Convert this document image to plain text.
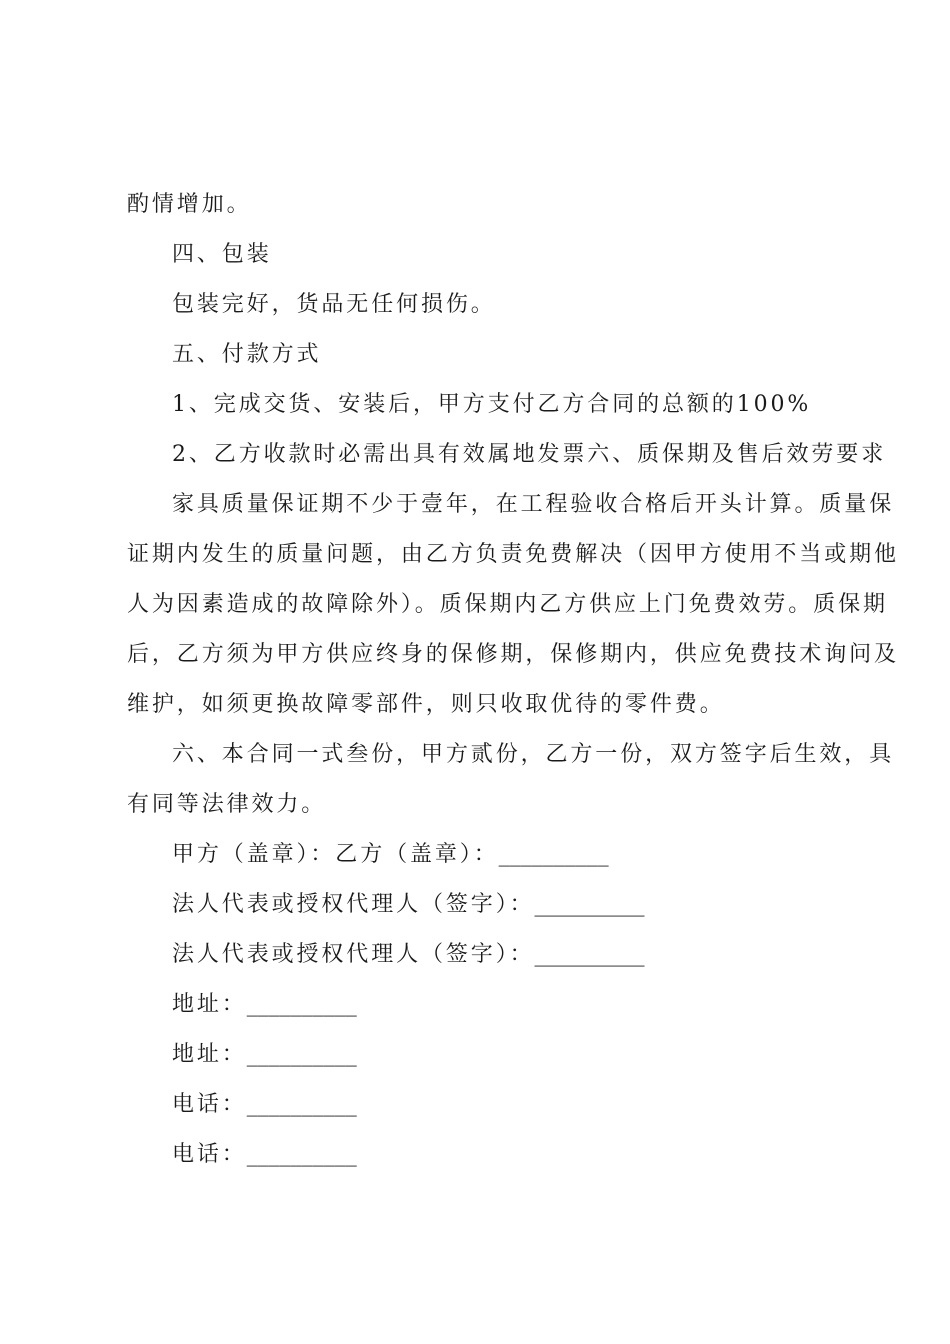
酌情增加。
四、包装
包装完好，货品无任何损伤。
五、付款方式
1、完成交货、安装后，甲方支付乙方合同的总额的100%
2、乙方收款时必需出具有效属地发票六、质保期及售后效劳要求
家具质量保证期不少于壹年，在工程验收合格后开头计算。质量保
证期内发生的质量问题，由乙方负责免费解决（因甲方使用不当或期他
人为因素造成的故障除外）。质保期内乙方供应上门免费效劳。质保期
后，乙方须为甲方供应终身的保修期，保修期内，供应免费技术询问及
维护，如须更换故障零部件，则只收取优待的零件费。
六、本合同一式叁份，甲方贰份，乙方一份，双方签字后生效，具
有同等法律效力。
甲方（盖章）：乙方（盖章）：__________
法人代表或授权代理人（签字）：__________
法人代表或授权代理人（签字）：__________
地址：__________
地址：__________
电话：__________
电话：__________
